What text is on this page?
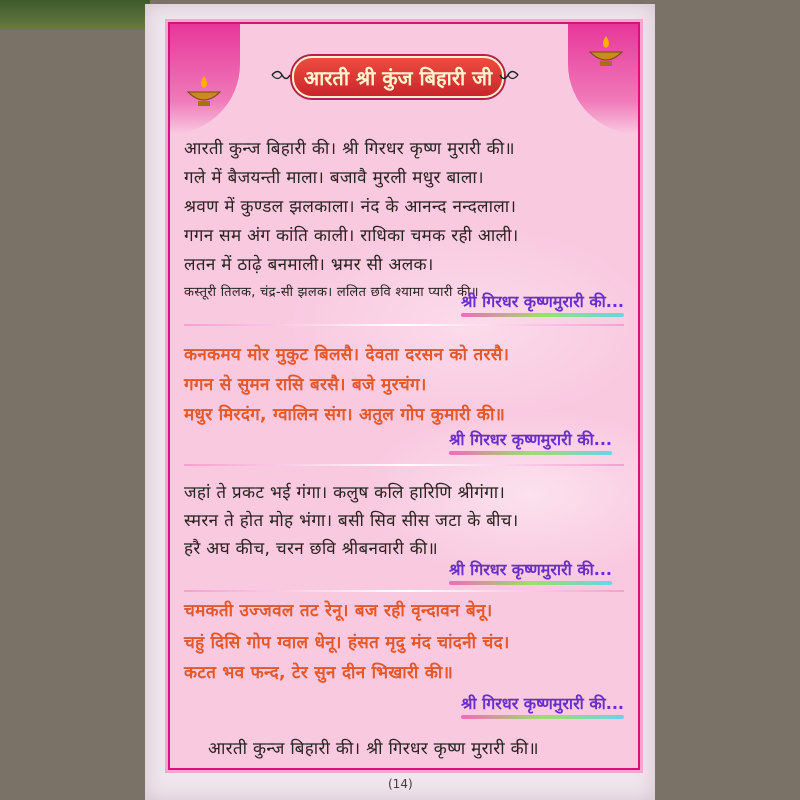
आरती श्री कुंज बिहारी जी
आरती कुन्ज बिहारी की। श्री गिरधर कृष्ण मुरारी की॥
गले में बैजयन्ती माला। बजावै मुरली मधुर बाला।
श्रवण में कुण्डल झलकाला। नंद के आनन्द नन्दलाला।
गगन सम अंग कांति काली। राधिका चमक रही आली।
लतन में ठाढ़े बनमाली। भ्रमर सी अलक।
कस्तूरी तिलक, चंद्र-सी झलक। ललित छवि श्यामा प्यारी की॥
श्री गिरधर कृष्णमुरारी की...
कनकमय मोर मुकुट बिलसै। देवता दरसन को तरसै।
गगन से सुमन रासि बरसै। बजे मुरचंग।
मधुर मिरदंग, ग्वालिन संग। अतुल गोप कुमारी की॥
श्री गिरधर कृष्णमुरारी की...
जहां ते प्रकट भई गंगा। कलुष कलि हारिणि श्रीगंगा।
स्मरन ते होत मोह भंगा। बसी सिव सीस जटा के बीच।
हरै अघ कीच, चरन छवि श्रीबनवारी की॥
श्री गिरधर कृष्णमुरारी की...
चमकती उज्जवल तट रेनू। बज रही वृन्दावन बेनू।
चहुं दिसि गोप ग्वाल धेनू। हंसत मृदु मंद चांदनी चंद।
कटत भव फन्द, टेर सुन दीन भिखारी की॥
श्री गिरधर कृष्णमुरारी की...
आरती कुन्ज बिहारी की। श्री गिरधर कृष्ण मुरारी की॥
(14)
